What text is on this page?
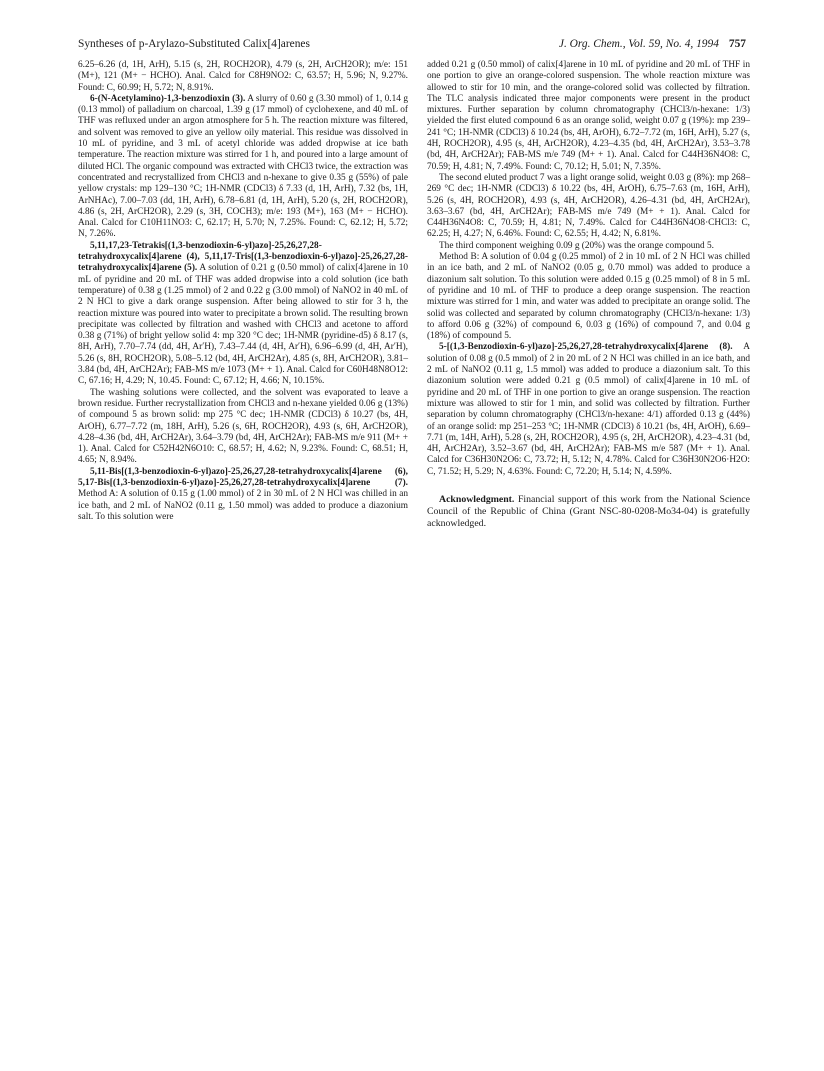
Syntheses of p-Arylazo-Substituted Calix[4]arenes	J. Org. Chem., Vol. 59, No. 4, 1994 757

6.25–6.26 (d, 1H, ArH), 5.15 (s, 2H, ROCH2OR), 4.79 (s, 2H, ArCH2OR); m/e: 151 (M+), 121 (M+ − HCHO). Anal. Calcd for C8H9NO2: C, 63.57; H, 5.96; N, 9.27%. Found: C, 60.99; H, 5.72; N, 8.91%.

6-(N-Acetylamino)-1,3-benzodioxin (3). A slurry of 0.60 g (3.30 mmol) of 1, 0.14 g (0.13 mmol) of palladium on charcoal, 1.39 g (17 mmol) of cyclohexene, and 40 mL of THF was refluxed under an argon atmosphere for 5 h. The reaction mixture was filtered, and solvent was removed to give an yellow oily material. This residue was dissolved in 10 mL of pyridine, and 3 mL of acetyl chloride was added dropwise at ice bath temperature. The reaction mixture was stirred for 1 h, and poured into a large amount of diluted HCl. The organic compound was extracted with CHCl3 twice, the extraction was concentrated and recrystallized from CHCl3 and n-hexane to give 0.35 g (55%) of pale yellow crystals: mp 129–130 °C; 1H-NMR (CDCl3) δ 7.33 (d, 1H, ArH), 7.32 (bs, 1H, ArNHAc), 7.00–7.03 (dd, 1H, ArH), 6.78–6.81 (d, 1H, ArH), 5.20 (s, 2H, ROCH2OR), 4.86 (s, 2H, ArCH2OR), 2.29 (s, 3H, COCH3); m/e: 193 (M+), 163 (M+ − HCHO). Anal. Calcd for C10H11NO3: C, 62.17; H, 5.70; N, 7.25%. Found: C, 62.12; H, 5.72; N, 7.26%.

5,11,17,23-Tetrakis[(1,3-benzodioxin-6-yl)azo]-25,26,27,28-tetrahydroxycalix[4]arene (4), 5,11,17-Tris[(1,3-benzodioxin-6-yl)azo]-25,26,27,28-tetrahydroxycalix[4]arene (5). A solution of 0.21 g (0.50 mmol) of calix[4]arene in 10 mL of pyridine and 20 mL of THF was added dropwise into a cold solution (ice bath temperature) of 0.38 g (1.25 mmol) of 2 and 0.22 g (3.00 mmol) of NaNO2 in 40 mL of 2 N HCl to give a dark orange suspension. After being allowed to stir for 3 h, the reaction mixture was poured into water to precipitate a brown solid. The resulting brown precipitate was collected by filtration and washed with CHCl3 and acetone to afford 0.38 g (71%) of bright yellow solid 4: mp 320 °C dec; 1H-NMR (pyridine-d5) δ 8.17 (s, 8H, ArH), 7.70–7.74 (dd, 4H, Ar′H), 7.43–7.44 (d, 4H, Ar′H), 6.96–6.99 (d, 4H, Ar′H), 5.26 (s, 8H, ROCH2OR), 5.08–5.12 (bd, 4H, ArCH2Ar), 4.85 (s, 8H, ArCH2OR), 3.81–3.84 (bd, 4H, ArCH2Ar); FAB-MS m/e 1073 (M+ + 1). Anal. Calcd for C60H48N8O12: C, 67.16; H, 4.29; N, 10.45. Found: C, 67.12; H, 4.66; N, 10.15%.

The washing solutions were collected, and the solvent was evaporated to leave a brown residue. Further recrystallization from CHCl3 and n-hexane yielded 0.06 g (13%) of compound 5 as brown solid: mp 275 °C dec; 1H-NMR (CDCl3) δ 10.27 (bs, 4H, ArOH), 6.77–7.72 (m, 18H, ArH), 5.26 (s, 6H, ROCH2OR), 4.93 (s, 6H, ArCH2OR), 4.28–4.36 (bd, 4H, ArCH2Ar), 3.64–3.79 (bd, 4H, ArCH2Ar); FAB-MS m/e 911 (M+ + 1). Anal. Calcd for C52H42N6O10: C, 68.57; H, 4.62; N, 9.23%. Found: C, 68.51; H, 4.65; N, 8.94%.

5,11-Bis[(1,3-benzodioxin-6-yl)azo]-25,26,27,28-tetrahydroxycalix[4]arene (6), 5,17-Bis[(1,3-benzodioxin-6-yl)azo]-25,26,27,28-tetrahydroxycalix[4]arene (7). Method A: A solution of 0.15 g (1.00 mmol) of 2 in 30 mL of 2 N HCl was chilled in an ice bath, and 2 mL of NaNO2 (0.11 g, 1.50 mmol) was added to produce a diazonium salt. To this solution were

added 0.21 g (0.50 mmol) of calix[4]arene in 10 mL of pyridine and 20 mL of THF in one portion to give an orange-colored suspension. The whole reaction mixture was allowed to stir for 10 min, and the orange-colored solid was collected by filtration. The TLC analysis indicated three major components were present in the product mixtures. Further separation by column chromatography (CHCl3/n-hexane: 1/3) yielded the first eluted compound 6 as an orange solid, weight 0.07 g (19%): mp 239–241 °C; 1H-NMR (CDCl3) δ 10.24 (bs, 4H, ArOH), 6.72–7.72 (m, 16H, ArH), 5.27 (s, 4H, ROCH2OR), 4.95 (s, 4H, ArCH2OR), 4.23–4.35 (bd, 4H, ArCH2Ar), 3.53–3.78 (bd, 4H, ArCH2Ar); FAB-MS m/e 749 (M+ + 1). Anal. Calcd for C44H36N4O8: C, 70.59; H, 4.81; N, 7.49%. Found: C, 70.12; H, 5.01; N, 7.35%.

The second eluted product 7 was a light orange solid, weight 0.03 g (8%): mp 268–269 °C dec; 1H-NMR (CDCl3) δ 10.22 (bs, 4H, ArOH), 6.75–7.63 (m, 16H, ArH), 5.26 (s, 4H, ROCH2OR), 4.93 (s, 4H, ArCH2OR), 4.26–4.31 (bd, 4H, ArCH2Ar), 3.63–3.67 (bd, 4H, ArCH2Ar); FAB-MS m/e 749 (M+ + 1). Anal. Calcd for C44H36N4O8: C, 70.59; H, 4.81; N, 7.49%. Calcd for C44H36N4O8·CHCl3: C, 62.25; H, 4.27; N, 6.46%. Found: C, 62.55; H, 4.42; N, 6.81%.

The third component weighing 0.09 g (20%) was the orange compound 5.

Method B: A solution of 0.04 g (0.25 mmol) of 2 in 10 mL of 2 N HCl was chilled in an ice bath, and 2 mL of NaNO2 (0.05 g, 0.70 mmol) was added to produce a diazonium salt solution. To this solution were added 0.15 g (0.25 mmol) of 8 in 5 mL of pyridine and 10 mL of THF to produce a deep orange suspension. The reaction mixture was stirred for 1 min, and water was added to precipitate an orange solid. The solid was collected and separated by column chromatography (CHCl3/n-hexane: 1/3) to afford 0.06 g (32%) of compound 6, 0.03 g (16%) of compound 7, and 0.04 g (18%) of compound 5.

5-[(1,3-Benzodioxin-6-yl)azo]-25,26,27,28-tetrahydroxycalix[4]arene (8). A solution of 0.08 g (0.5 mmol) of 2 in 20 mL of 2 N HCl was chilled in an ice bath, and 2 mL of NaNO2 (0.11 g, 1.5 mmol) was added to produce a diazonium salt. To this diazonium solution were added 0.21 g (0.5 mmol) of calix[4]arene in 10 mL of pyridine and 20 mL of THF in one portion to give an orange suspension. The reaction mixture was allowed to stir for 1 min, and solid was collected by filtration. Further separation by column chromatography (CHCl3/n-hexane: 4/1) afforded 0.13 g (44%) of an orange solid: mp 251–253 °C; 1H-NMR (CDCl3) δ 10.21 (bs, 4H, ArOH), 6.69–7.71 (m, 14H, ArH), 5.28 (s, 2H, ROCH2OR), 4.95 (s, 2H, ArCH2OR), 4.23–4.31 (bd, 4H, ArCH2Ar), 3.52–3.67 (bd, 4H, ArCH2Ar); FAB-MS m/e 587 (M+ + 1). Anal. Calcd for C36H30N2O6: C, 73.72; H, 5.12; N, 4.78%. Calcd for C36H30N2O6·H2O: C, 71.52; H, 5.29; N, 4.63%. Found: C, 72.20; H, 5.14; N, 4.59%.

Acknowledgment. Financial support of this work from the National Science Council of the Republic of China (Grant NSC-80-0208-Mo34-04) is gratefully acknowledged.
